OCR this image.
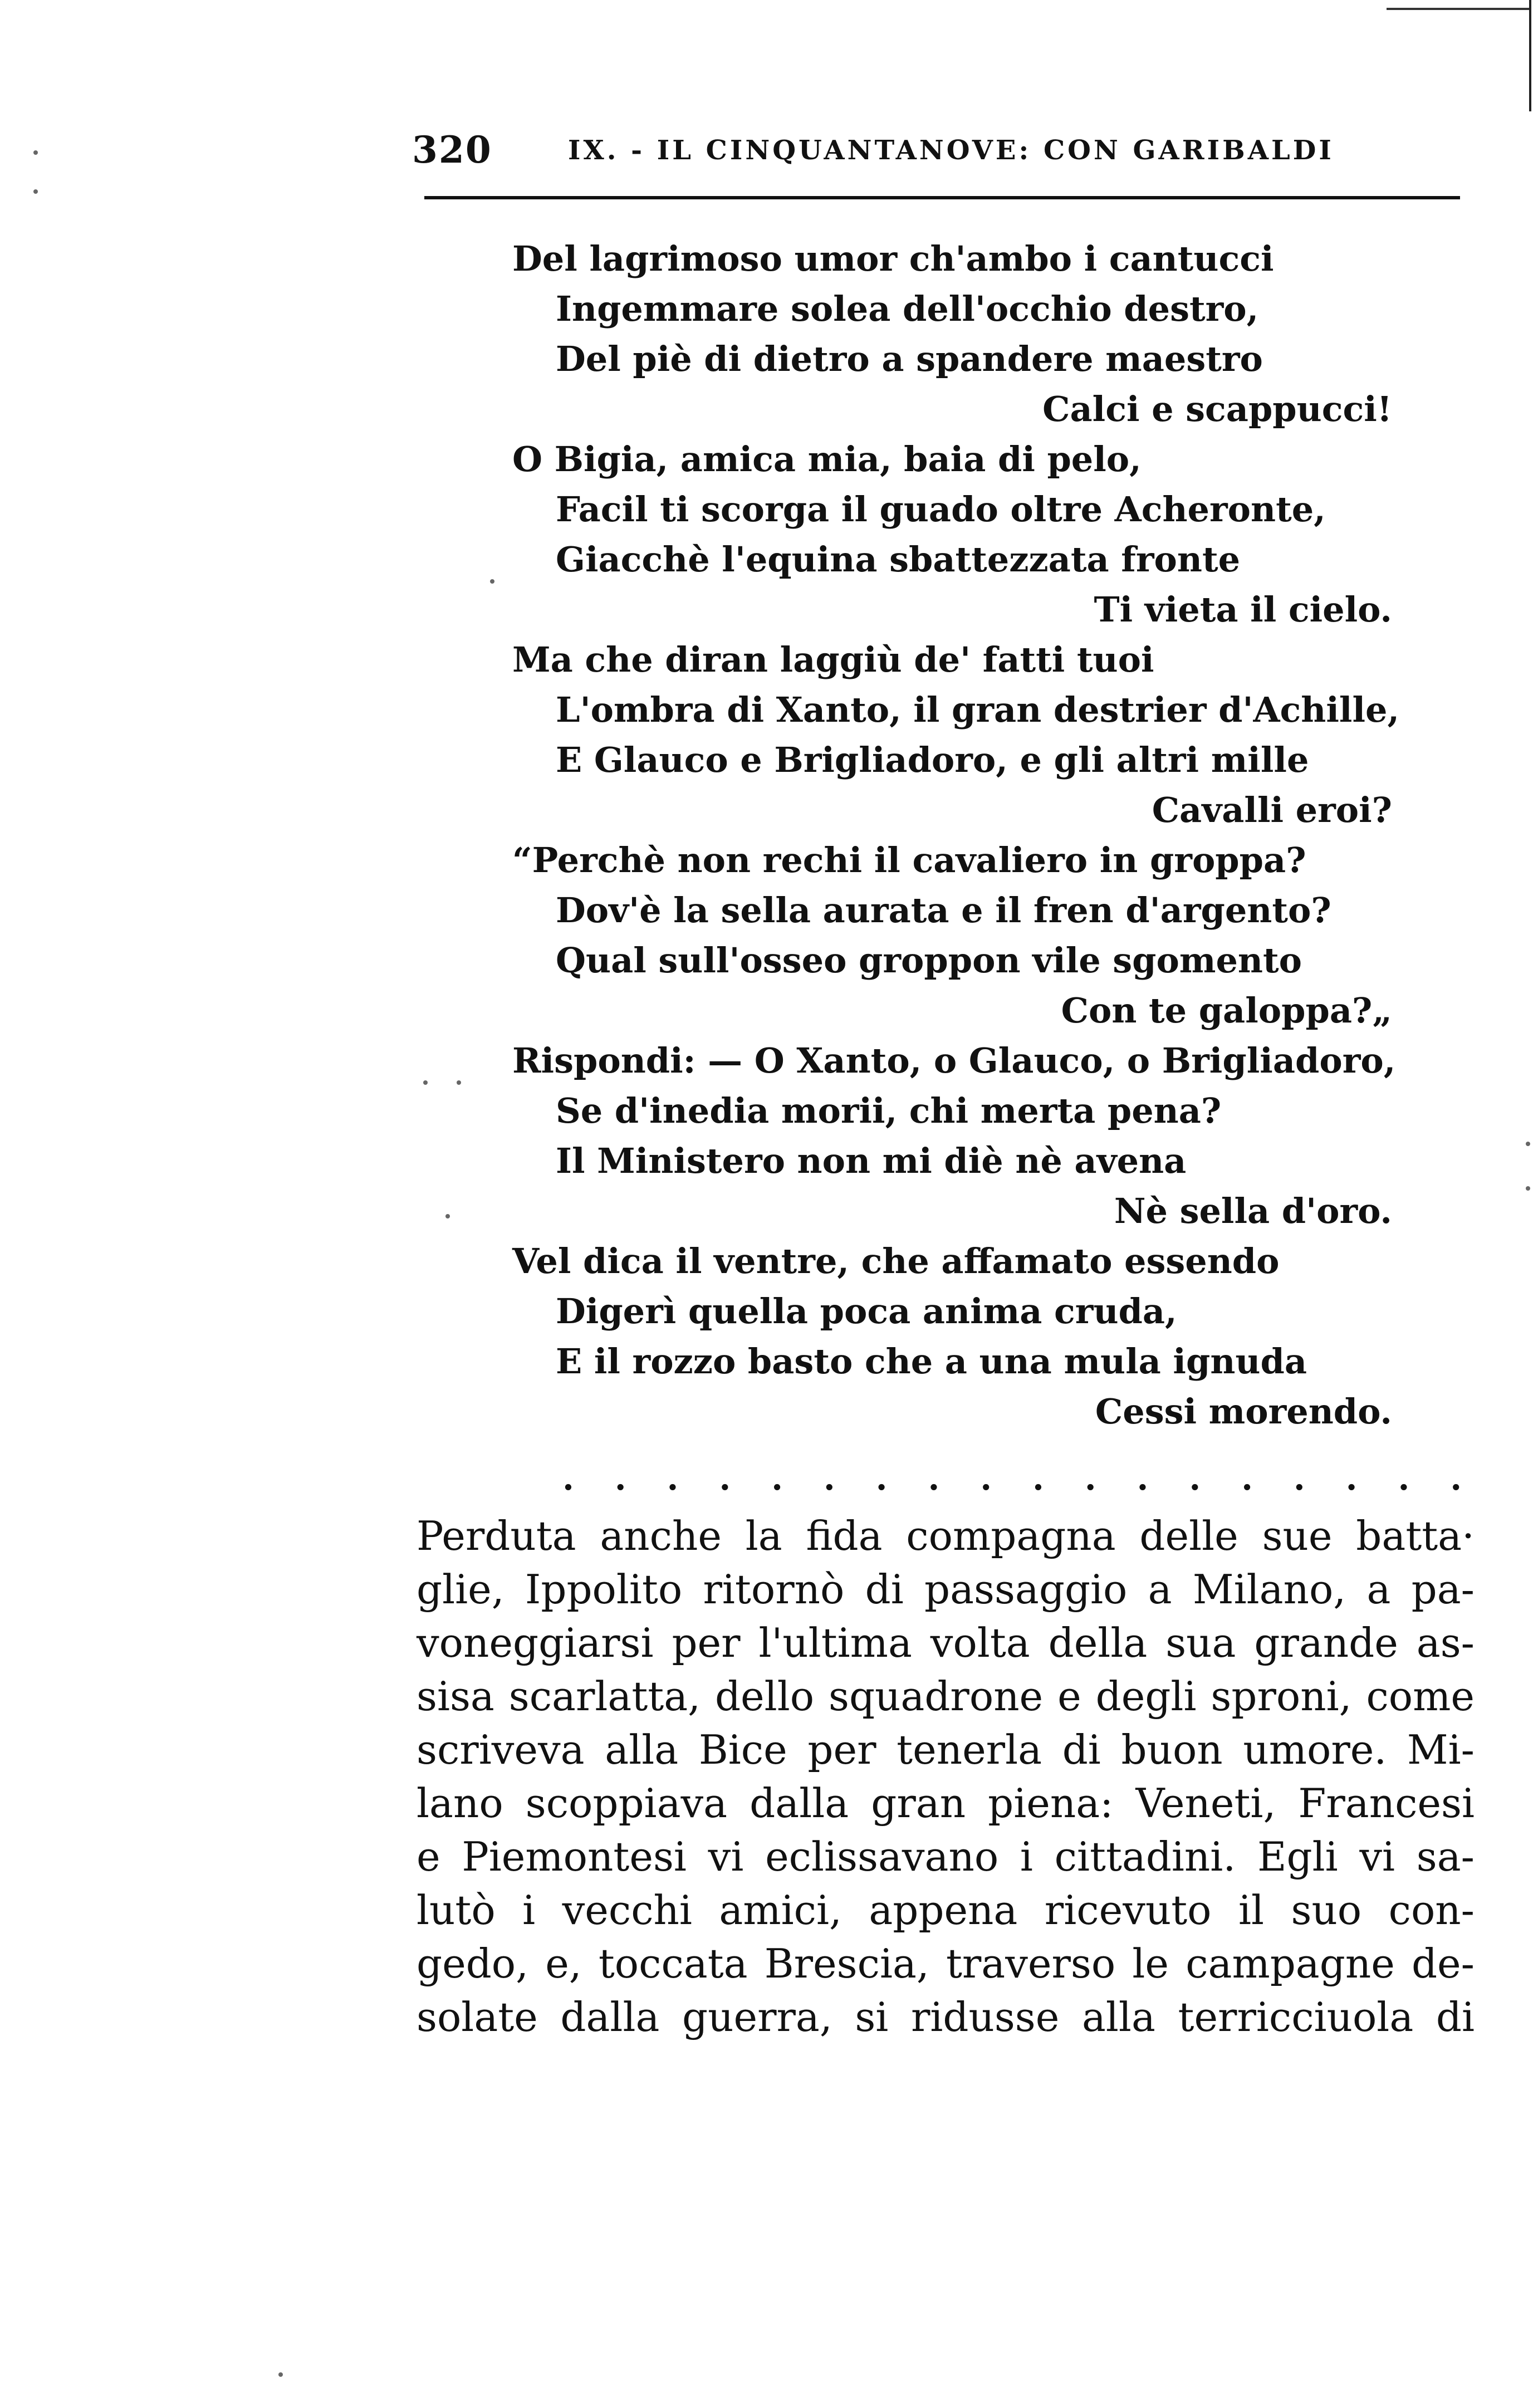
320	IX. - IL CINQUANTANOVE: CON GARIBALDI
Del lagrimoso umor ch'ambo i cantucci
Ingemmare solea dell'occhio destro,
Del piè di dietro a spandere maestro
Calci e scappucci!
O Bigia, amica mia, baia di pelo,
Facil ti scorga il guado oltre Acheronte,
Giacchè l'equina sbattezzata fronte
Ti vieta il cielo.
Ma che diran laggiù de' fatti tuoi
L'ombra di Xanto, il gran destrier d'Achille,
E Glauco e Brigliadoro, e gli altri mille
Cavalli eroi?
“Perchè non rechi il cavaliero in groppa?
Dov'è la sella aurata e il fren d'argento?
Qual sull'osseo groppon vile sgomento
Con te galoppa?„
Rispondi: — O Xanto, o Glauco, o Brigliadoro,
Se d'inedia morii, chi merta pena?
Il Ministero non mi diè nè avena
Nè sella d'oro.
Vel dica il ventre, che affamato essendo
Digerì quella poca anima cruda,
E il rozzo basto che a una mula ignuda
Cessi morendo.
. . . . . . . . . . . . . . . . . .
Perduta anche la fida compagna delle sue batta·
glie, Ippolito ritornò di passaggio a Milano, a pa-
voneggiarsi per l'ultima volta della sua grande as-
sisa scarlatta, dello squadrone e degli sproni, come
scriveva alla Bice per tenerla di buon umore. Mi-
lano scoppiava dalla gran piena: Veneti, Francesi
e Piemontesi vi eclissavano i cittadini. Egli vi sa-
lutò i vecchi amici, appena ricevuto il suo con-
gedo, e, toccata Brescia, traverso le campagne de-
solate dalla guerra, si ridusse alla terricciuola di
